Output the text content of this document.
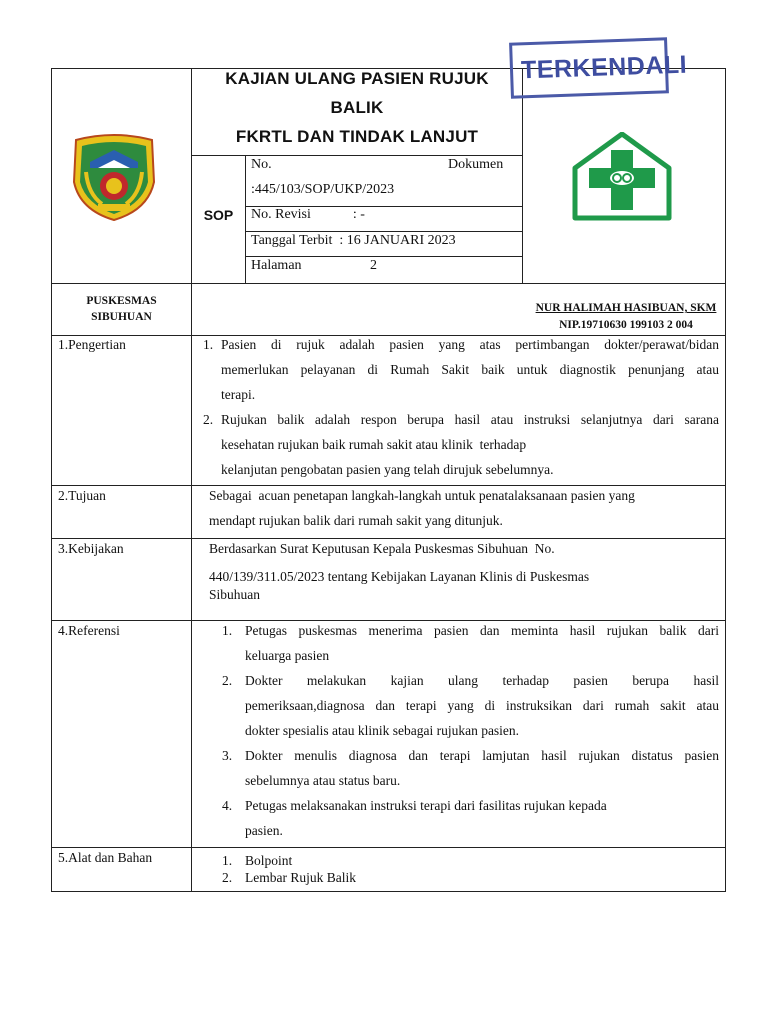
KAJIAN ULANG PASIEN RUJUK
BALIK
FKRTL DAN TINDAK LANJUT
TERKENDALI
SOP
No.	Dokumen
:445/103/SOP/UKP/2023
No. Revisi            : -
Tanggal Terbit  : 16 JANUARI 2023
Halaman	2
PUSKESMAS
SIBUHUAN
NUR HALIMAH HASIBUAN, SKM
NIP.19710630 199103 2 004
1.Pengertian
2.Tujuan
3.Kebijakan
4.Referensi
5.Alat dan Bahan
1. Pasien di rujuk adalah pasien yang atas pertimbangan dokter/perawat/bidan
memerlukan pelayanan di Rumah Sakit baik untuk diagnostik penunjang atau
terapi.
2. Rujukan balik adalah respon berupa hasil atau instruksi selanjutnya dari sarana
kesehatan rujukan baik rumah sakit atau klinik  terhadap
kelanjutan pengobatan pasien yang telah dirujuk sebelumnya.
Sebagai  acuan penetapan langkah-langkah untuk penatalaksanaan pasien yang
mendapt rujukan balik dari rumah sakit yang ditunjuk.
Berdasarkan Surat Keputusan Kepala Puskesmas Sibuhuan  No.
440/139/311.05/2023 tentang Kebijakan Layanan Klinis di Puskesmas
Sibuhuan
1. Petugas puskesmas menerima pasien dan meminta hasil rujukan balik dari
keluarga pasien
2. Dokter melakukan kajian ulang terhadap pasien berupa hasil
pemeriksaan,diagnosa dan terapi yang di instruksikan dari rumah sakit atau
dokter spesialis atau klinik sebagai rujukan pasien.
3. Dokter menulis diagnosa dan terapi lamjutan hasil rujukan distatus pasien
sebelumnya atau status baru.
4. Petugas melaksanakan instruksi terapi dari fasilitas rujukan kepada
pasien.
1. Bolpoint
2. Lembar Rujuk Balik
